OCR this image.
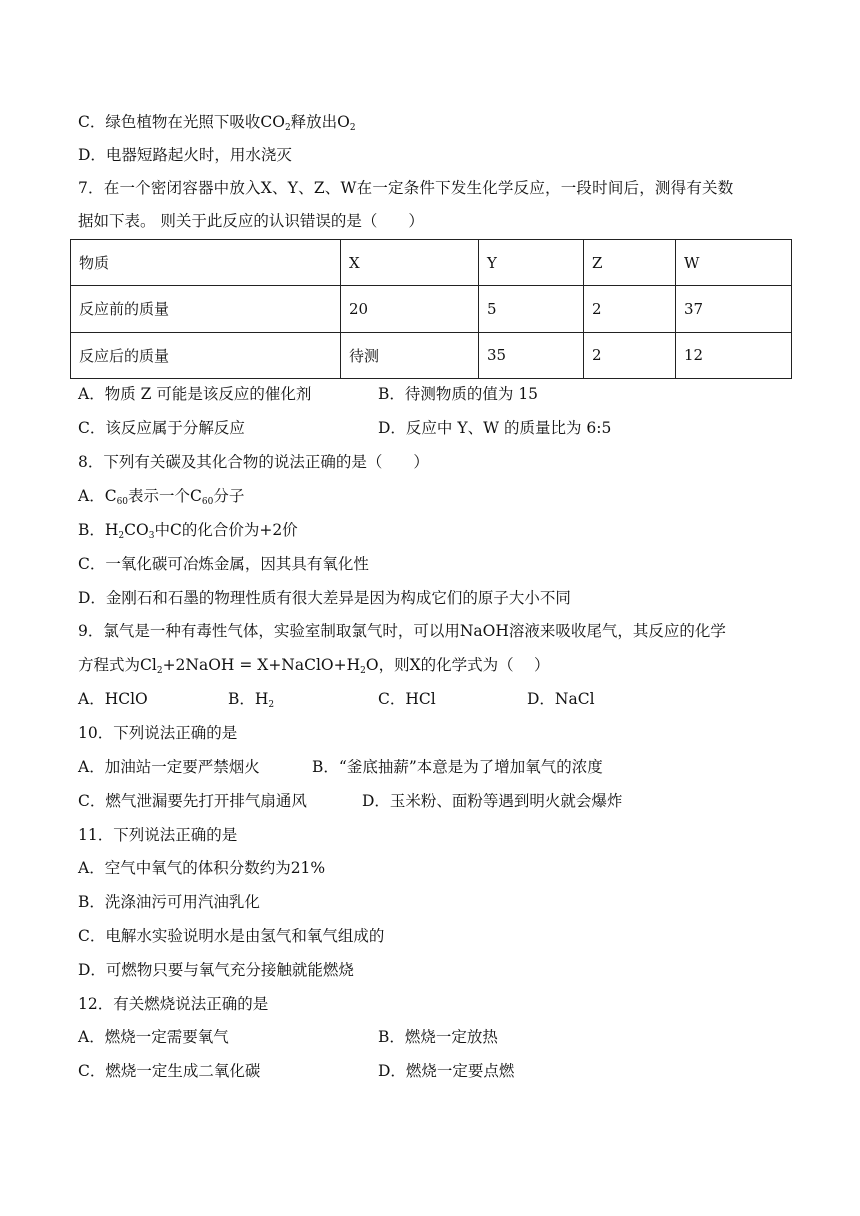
C．绿色植物在光照下吸收$CO_2$释放出$O_2$
D．电器短路起火时，用水浇灭
7．在一个密闭容器中放入X、Y、Z、W在一定条件下发生化学反应，一段时间后，测得有关数
据如下表。 则关于此反应的认识错误的是（　　）
物质	X	Y	Z	W
反应前的质量	20	5	2	37
反应后的质量	待测	35	2	12
A．物质 Z 可能是该反应的催化剂	B．待测物质的值为 15
C．该反应属于分解反应	D．反应中 Y、W 的质量比为 6:5
8．下列有关碳及其化合物的说法正确的是（　　）
A．$C_{60}$表示一个$C_{60}$分子
B．$H_2CO_3$中C的化合价为+2价
C．一氧化碳可冶炼金属，因其具有氧化性
D．金刚石和石墨的物理性质有很大差异是因为构成它们的原子大小不同
9．氯气是一种有毒性气体，实验室制取氯气时，可以用NaOH溶液来吸收尾气，其反应的化学
方程式为$Cl_2+2NaOH$ = $X+NaClO+H_2O$，则X的化学式为（　 ）
A．HClO	B．$H_2$	C．HCl	D．NaCl
10．下列说法正确的是
A．加油站一定要严禁烟火	B．“釜底抽薪”本意是为了增加氧气的浓度
C．燃气泄漏要先打开排气扇通风	D．玉米粉、面粉等遇到明火就会爆炸
11．下列说法正确的是
A．空气中氧气的体积分数约为21%
B．洗涤油污可用汽油乳化
C．电解水实验说明水是由氢气和氧气组成的
D．可燃物只要与氧气充分接触就能燃烧
12．有关燃烧说法正确的是
A．燃烧一定需要氧气	B．燃烧一定放热
C．燃烧一定生成二氧化碳	D．燃烧一定要点燃
